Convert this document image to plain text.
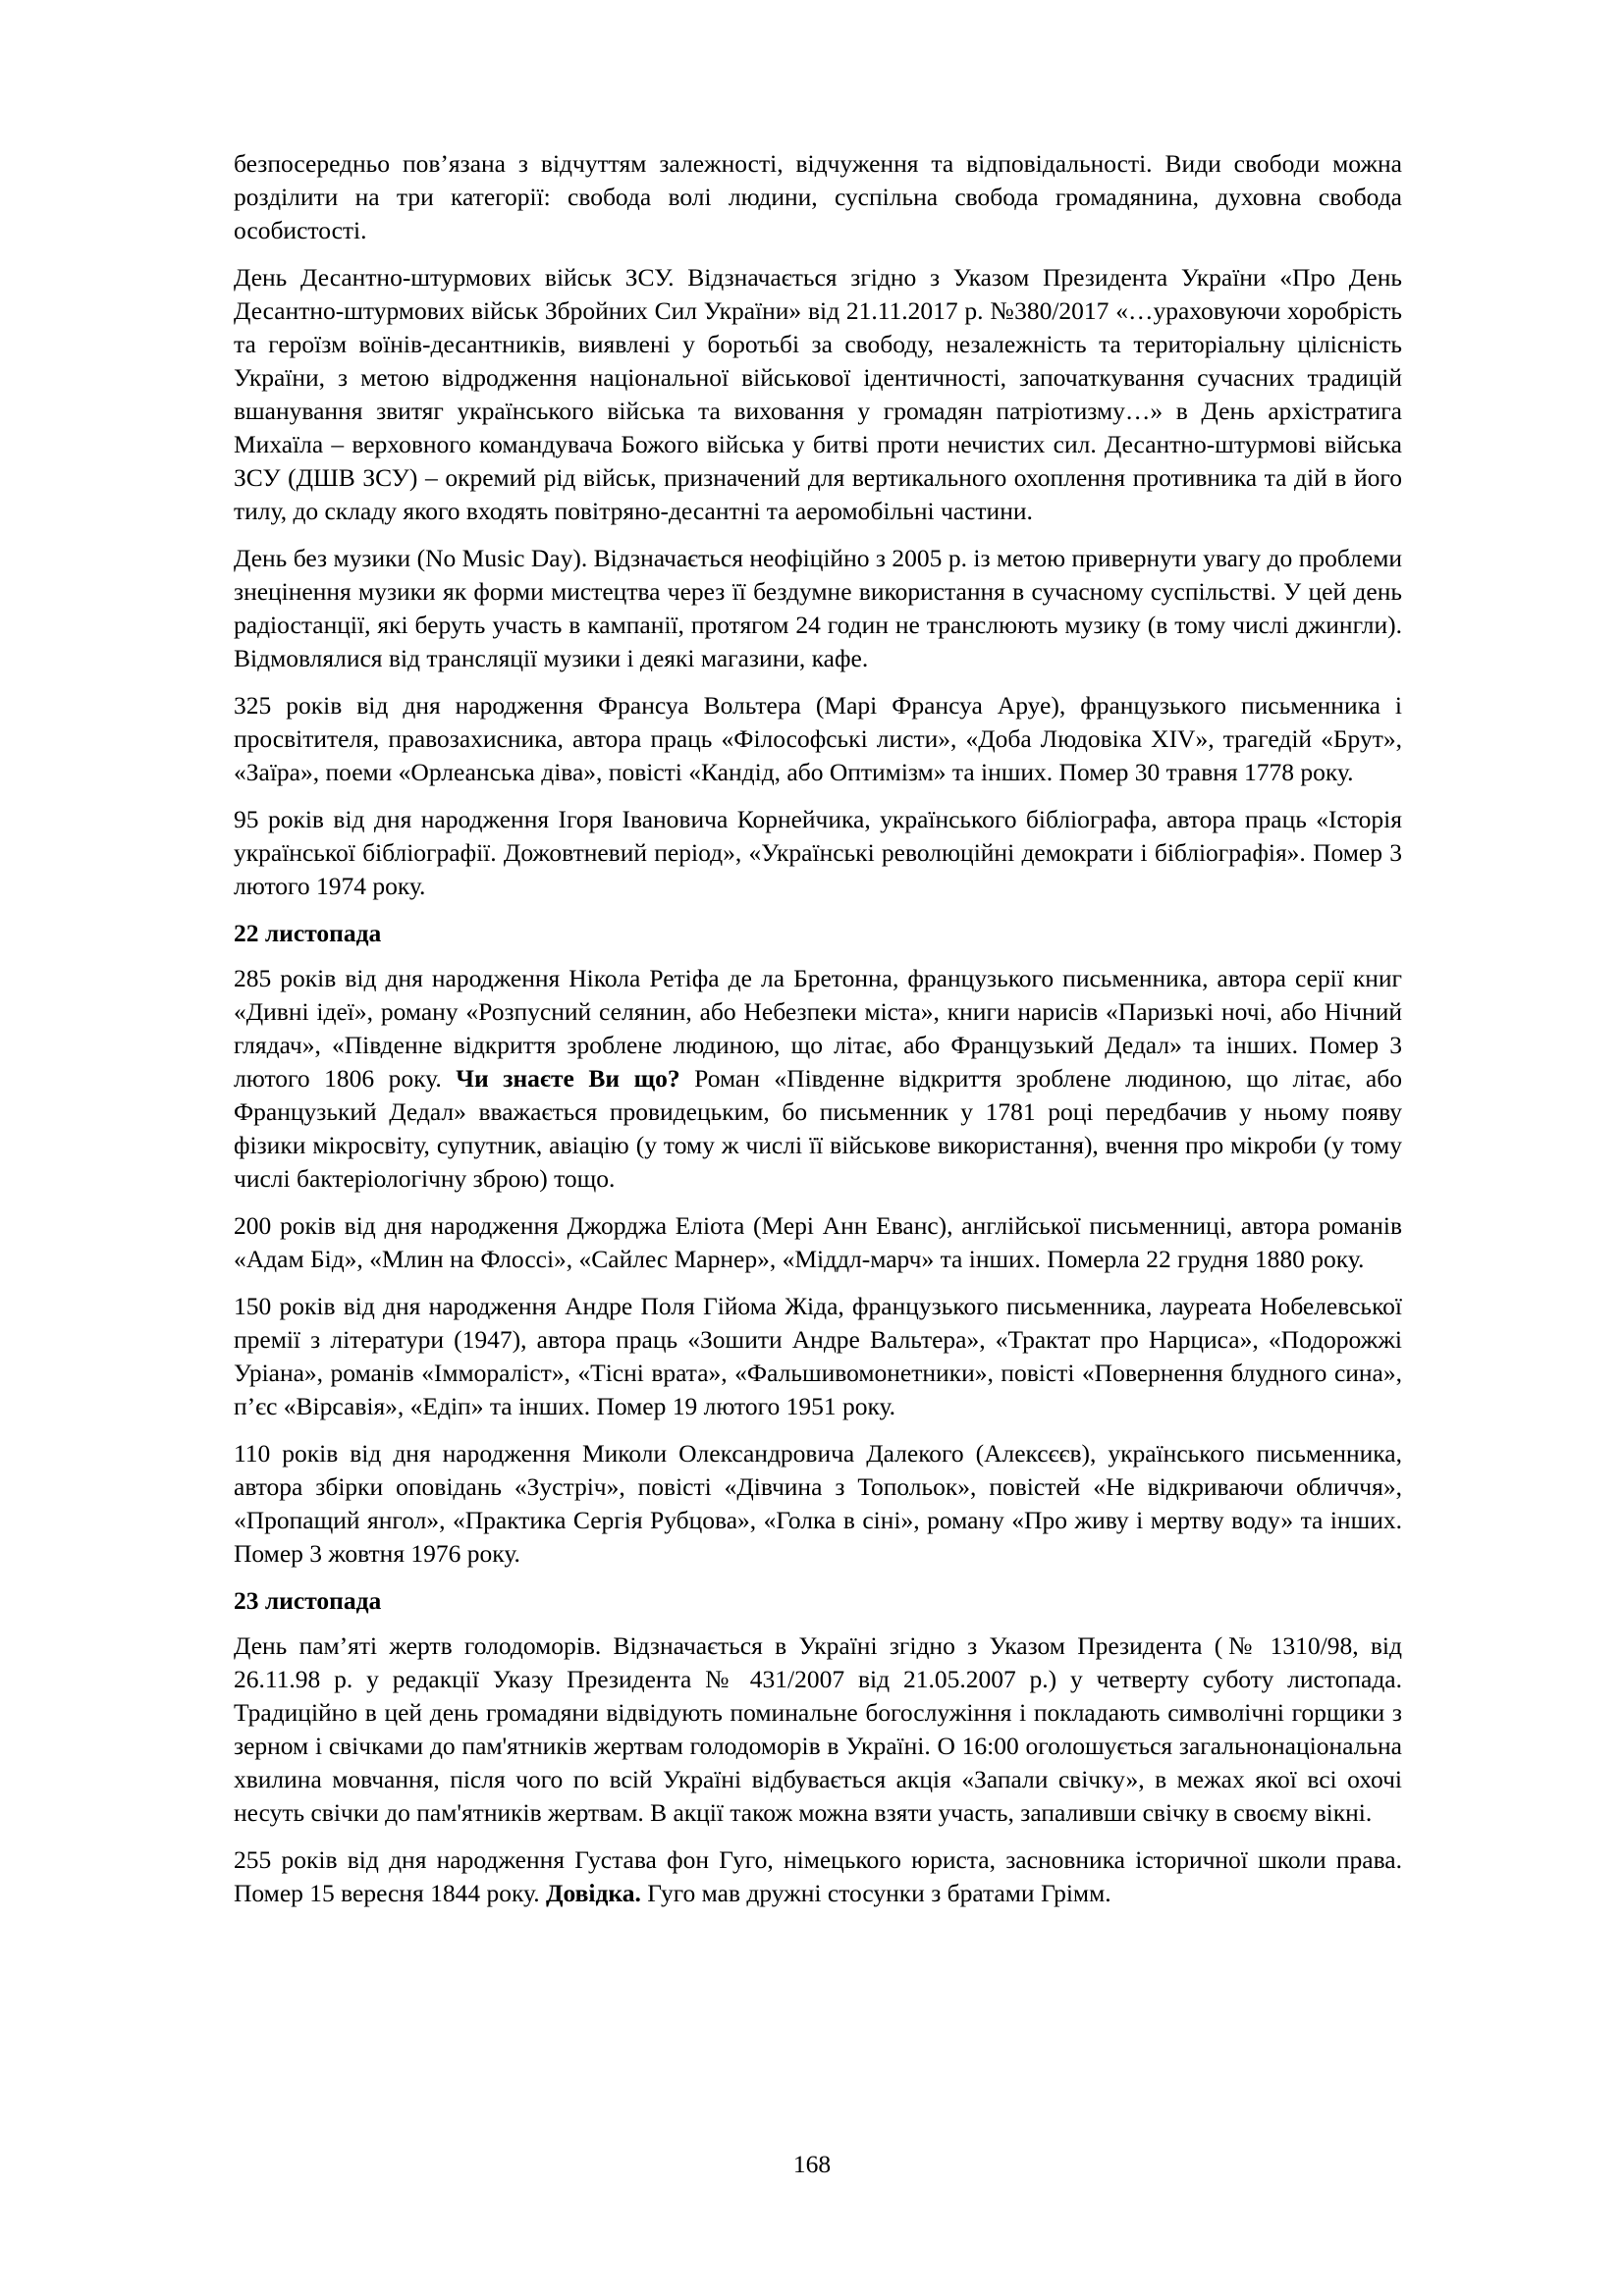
безпосередньо пов’язана з відчуттям залежності, відчуження та відповідальності. Види свободи можна розділити на три категорії: свобода волі людини, суспільна свобода громадянина, духовна свобода особистості.

День Десантно-штурмових військ ЗСУ. Відзначається згідно з Указом Президента України «Про День Десантно-штурмових військ Збройних Сил України» від 21.11.2017 р. №380/2017 «…ураховуючи хоробрість та героїзм воїнів-десантників, виявлені у боротьбі за свободу, незалежність та територіальну цілісність України, з метою відродження національної військової ідентичності, започаткування сучасних традицій вшанування звитяг українського війська та виховання у громадян патріотизму…» в День архістратига Михаїла – верховного командувача Божого війська у битві проти нечистих сил. Десантно-штурмові війська ЗСУ (ДШВ ЗСУ) – окремий рід військ, призначений для вертикального охоплення противника та дій в його тилу, до складу якого входять повітряно-десантні та аеромобільні частини.

День без музики (No Music Day). Відзначається неофіційно з 2005 р. із метою привернути увагу до проблеми знецінення музики як форми мистецтва через її бездумне використання в сучасному суспільстві. У цей день радіостанції, які беруть участь в кампанії, протягом 24 годин не транслюють музику (в тому числі джингли). Відмовлялися від трансляції музики і деякі магазини, кафе.

325 років від дня народження Франсуа Вольтера (Марі Франсуа Аруе), французького письменника і просвітителя, правозахисника, автора праць «Філософські листи», «Доба Людовіка XIV», трагедій «Брут», «Заїра», поеми «Орлеанська діва», повісті «Кандід, або Оптимізм» та інших. Помер 30 травня 1778 року.

95 років від дня народження Ігоря Івановича Корнейчика, українського бібліографа, автора праць «Історія української бібліографії. Дожовтневий період», «Українські революційні демократи і бібліографія». Помер 3 лютого 1974 року.

22 листопада

285 років від дня народження Нікола Ретіфа де ла Бретонна, французького письменника, автора серії книг «Дивні ідеї», роману «Розпусний селянин, або Небезпеки міста», книги нарисів «Паризькі ночі, або Нічний глядач», «Південне відкриття зроблене людиною, що літає, або Французький Дедал» та інших. Помер 3 лютого 1806 року. Чи знаєте Ви що? Роман «Південне відкриття зроблене людиною, що літає, або Французький Дедал» вважається провидецьким, бо письменник у 1781 році передбачив у ньому появу фізики мікросвіту, супутник, авіацію (у тому ж числі її військове використання), вчення про мікроби (у тому числі бактеріологічну зброю) тощо.

200 років від дня народження Джорджа Еліота (Мері Анн Еванс), англійської письменниці, автора романів «Адам Бід», «Млин на Флоссі», «Сайлес Марнер», «Міддл-марч» та інших. Померла 22 грудня 1880 року.

150 років від дня народження Андре Поля Гійома Жіда, французького письменника, лауреата Нобелевської премії з літератури (1947), автора праць «Зошити Андре Вальтера», «Трактат про Нарциса», «Подорожжі Уріана», романів «Імморaліст», «Тісні врата», «Фальшивомонетники», повісті «Повернення блудного сина», п’єс «Вірсавія», «Едіп» та інших. Помер 19 лютого 1951 року.

110 років від дня народження Миколи Олександровича Далекого (Алексєєв), українського письменника, автора збірки оповідань «Зустріч», повісті «Дівчина з Топольок», повістей «Не відкриваючи обличчя», «Пропащий янгол», «Практика Сергія Рубцова», «Голка в сіні», роману «Про живу і мертву воду» та інших. Помер 3 жовтня 1976 року.

23 листопада

День пам’яті жертв голодоморів. Відзначається в Україні згідно з Указом Президента (№ 1310/98, від 26.11.98 р. у редакції Указу Президента № 431/2007 від 21.05.2007 р.) у четверту суботу листопада. Традиційно в цей день громадяни відвідують поминальне богослужіння і покладають символічні горщики з зерном і свічками до пам'ятників жертвам голодоморів в Україні. О 16:00 оголошується загальнонаціональна хвилина мовчання, після чого по всій Україні відбувається акція «Запали свічку», в межах якої всі охочі несуть свічки до пам'ятників жертвам. В акції також можна взяти участь, запаливши свічку в своєму вікні.

255 років від дня народження Густава фон Гуго, німецького юриста, засновника історичної школи права. Помер 15 вересня 1844 року. Довідка. Гуго мав дружні стосунки з братами Грімм.

168
